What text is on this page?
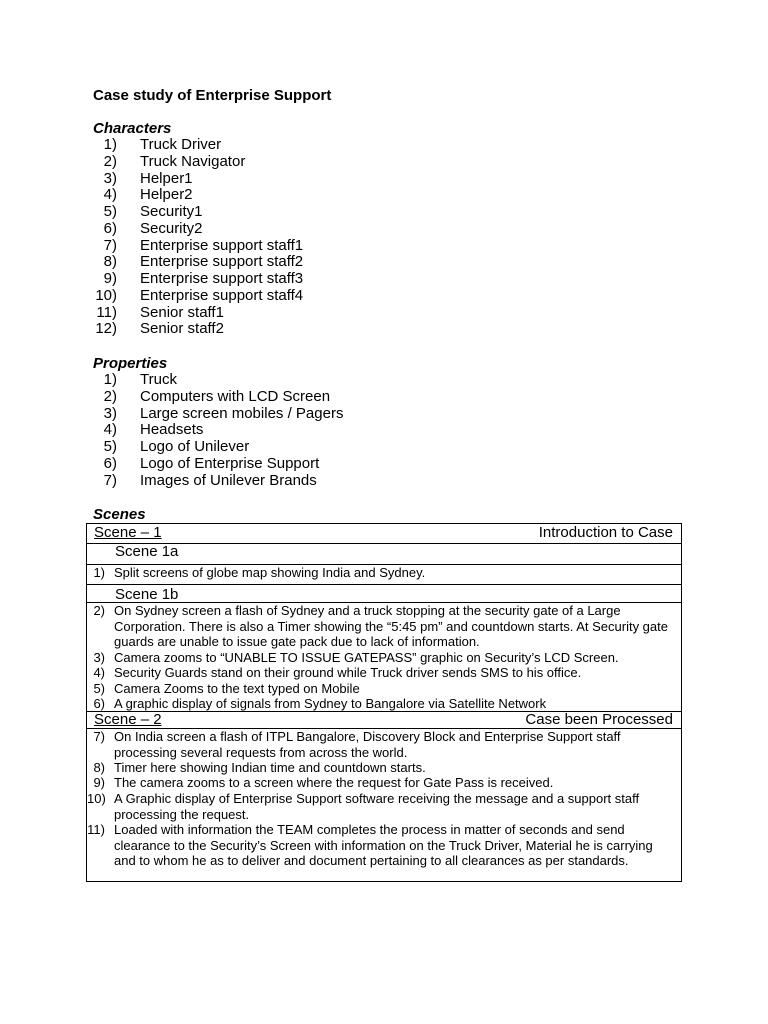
Case study of Enterprise Support
Characters
1) Truck Driver
2) Truck Navigator
3) Helper1
4) Helper2
5) Security1
6) Security2
7) Enterprise support staff1
8) Enterprise support staff2
9) Enterprise support staff3
10) Enterprise support staff4
11) Senior staff1
12) Senior staff2
Properties
1) Truck
2) Computers with LCD Screen
3) Large screen mobiles / Pagers
4) Headsets
5) Logo of Unilever
6) Logo of Enterprise Support
7) Images of Unilever Brands
Scenes
Scene – 1	Introduction to Case
Scene 1a
1) Split screens of globe map showing India and Sydney.
Scene 1b
2) On Sydney screen a flash of Sydney and a truck stopping at the security gate of a Large Corporation. There is also a Timer showing the “5:45 pm” and countdown starts. At Security gate guards are unable to issue gate pack due to lack of information.
3) Camera zooms to “UNABLE TO ISSUE GATEPASS” graphic on Security’s LCD Screen.
4) Security Guards stand on their ground while Truck driver sends SMS to his office.
5) Camera Zooms to the text typed on Mobile
6) A graphic display of signals from Sydney to Bangalore via Satellite Network
Scene – 2	Case been Processed
7) On India screen a flash of ITPL Bangalore, Discovery Block and Enterprise Support staff processing several requests from across the world.
8) Timer here showing Indian time and countdown starts.
9) The camera zooms to a screen where the request for Gate Pass is received.
10) A Graphic display of Enterprise Support software receiving the message and a support staff processing the request.
11) Loaded with information the TEAM completes the process in matter of seconds and send clearance to the Security’s Screen with information on the Truck Driver, Material he is carrying and to whom he as to deliver and document pertaining to all clearances as per standards.
